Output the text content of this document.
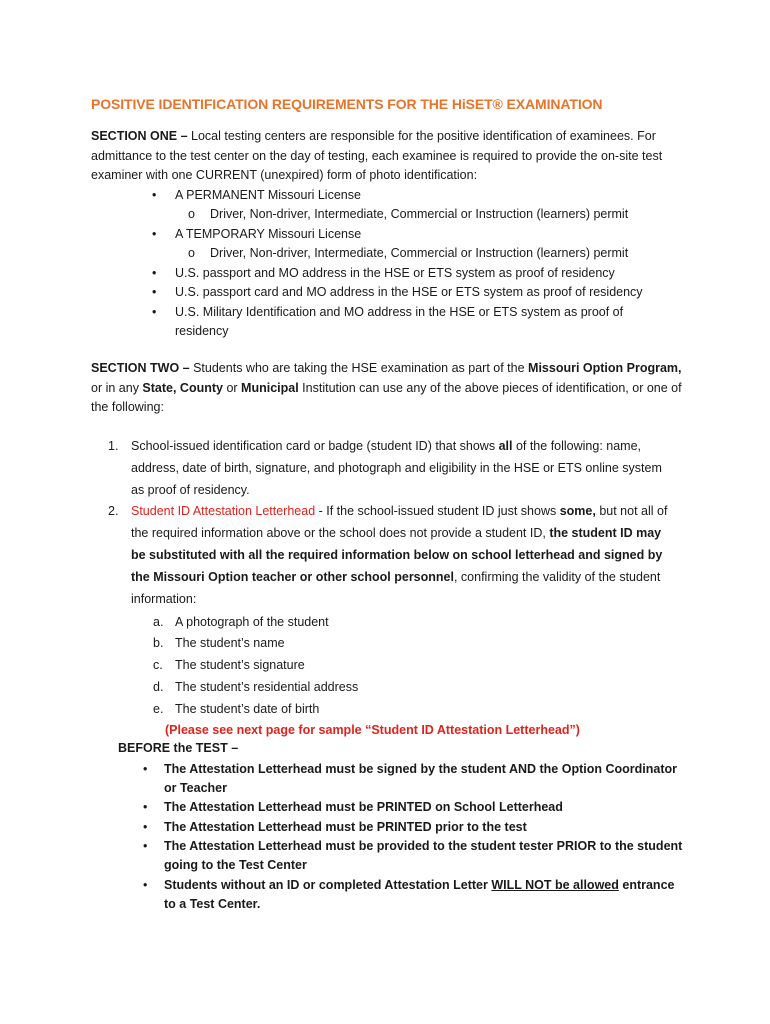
POSITIVE IDENTIFICATION REQUIREMENTS FOR THE HiSET® EXAMINATION

SECTION ONE – Local testing centers are responsible for the positive identification of examinees. For admittance to the test center on the day of testing, each examinee is required to provide the on-site test examiner with one CURRENT (unexpired) form of photo identification:

• A PERMANENT Missouri License
o Driver, Non-driver, Intermediate, Commercial or Instruction (learners) permit
• A TEMPORARY Missouri License
o Driver, Non-driver, Intermediate, Commercial or Instruction (learners) permit
• U.S. passport and MO address in the HSE or ETS system as proof of residency
• U.S. passport card and MO address in the HSE or ETS system as proof of residency
• U.S. Military Identification and MO address in the HSE or ETS system as proof of
residency

SECTION TWO – Students who are taking the HSE examination as part of the Missouri Option Program, or in any State, County or Municipal Institution can use any of the above pieces of identification, or one of the following:

1. School-issued identification card or badge (student ID) that shows all of the following: name, address, date of birth, signature, and photograph and eligibility in the HSE or ETS online system as proof of residency.

2. Student ID Attestation Letterhead - If the school-issued student ID just shows some, but not all of the required information above or the school does not provide a student ID, the student ID may be substituted with all the required information below on school letterhead and signed by the Missouri Option teacher or other school personnel, confirming the validity of the student information:

a. A photograph of the student
b. The student’s name
c. The student’s signature
d. The student’s residential address
e. The student’s date of birth
(Please see next page for sample “Student ID Attestation Letterhead”)
BEFORE the TEST –
• The Attestation Letterhead must be signed by the student AND the Option Coordinator or Teacher

• The Attestation Letterhead must be PRINTED on School Letterhead

• The Attestation Letterhead must be PRINTED prior to the test

• The Attestation Letterhead must be provided to the student tester PRIOR to the student going to the Test Center

• Students without an ID or completed Attestation Letter WILL NOT be allowed entrance to a Test Center.
